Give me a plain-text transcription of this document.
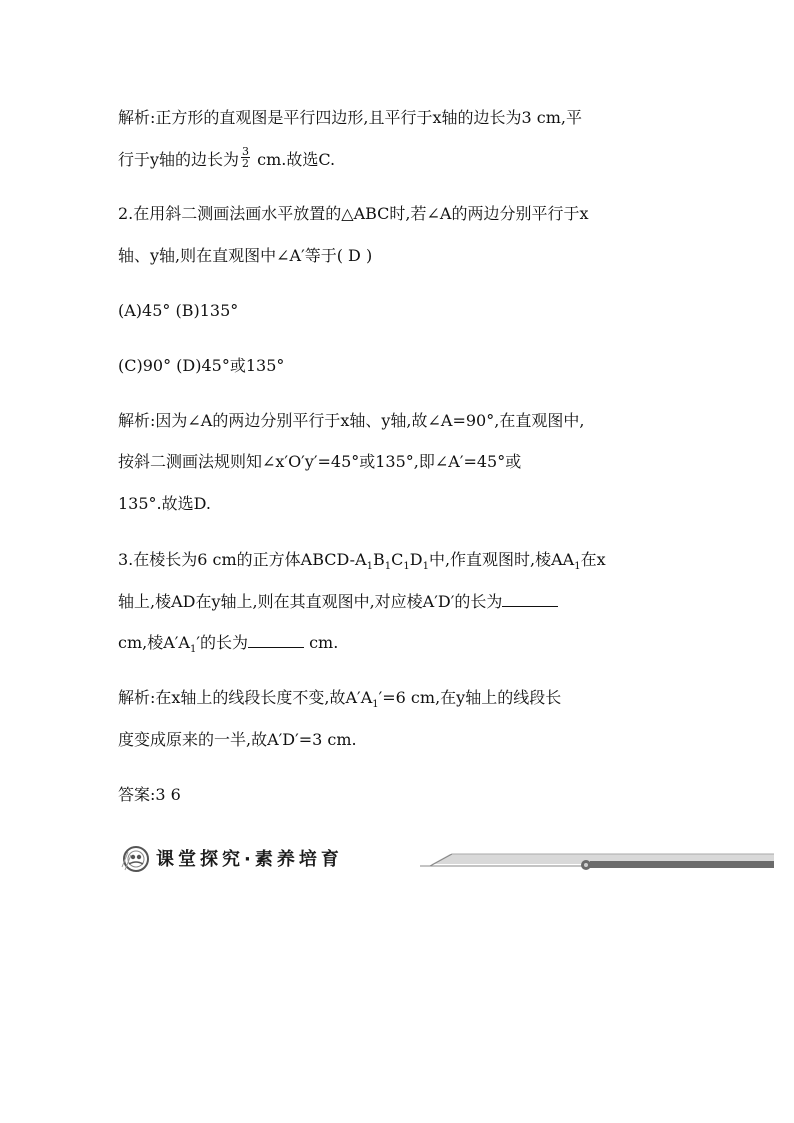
解析:正方形的直观图是平行四边形,且平行于x轴的边长为3 cm,平
行于y轴的边长为 $\frac{3}{2}$ cm.故选C.
2.在用斜二测画法画水平放置的△ABC时,若∠A的两边分别平行于x
轴、y轴,则在直观图中∠A′等于( D )
(A)45° (B)135°
(C)90° (D)45°或135°
解析:因为∠A的两边分别平行于x轴、y轴,故∠A=90°,在直观图中,
按斜二测画法规则知∠x′O′y′=45°或135°,即∠A′=45°或
135°.故选D.
3.在棱长为6 cm的正方体ABCD-$A_1B_1C_1D_1$中,作直观图时,棱$AA_1$在x
轴上,棱AD在y轴上,则在其直观图中,对应棱A′D′的长为
cm,棱$A'A_1'$的长为	cm.
解析:在x轴上的线段长度不变,故$A'A_1'=6$ cm,在y轴上的线段长
度变成原来的一半,故A′D′=3 cm.
答案:3 6
课堂探究·素养培育
